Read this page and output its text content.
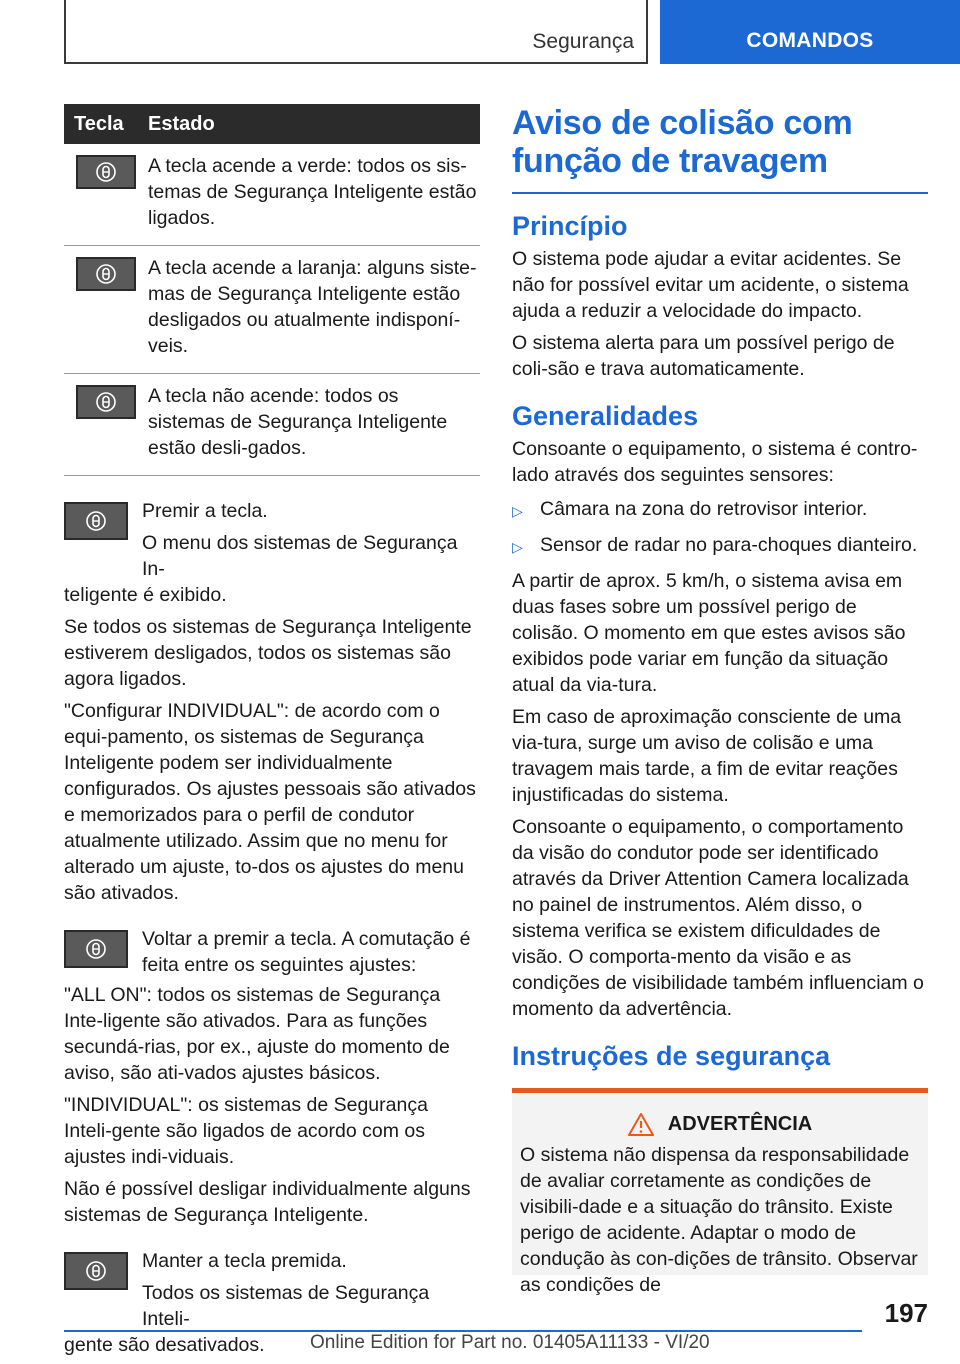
Segurança	COMANDOS
Tecla	Estado
A tecla acende a verde: todos os sis-temas de Segurança Inteligente estão ligados.
A tecla acende a laranja: alguns siste-mas de Segurança Inteligente estão desligados ou atualmente indisponí-veis.
A tecla não acende: todos os sistemas de Segurança Inteligente estão desli-gados.
Premir a tecla.
O menu dos sistemas de Segurança In-

teligente é exibido.

Se todos os sistemas de Segurança Inteligente estiverem desligados, todos os sistemas são agora ligados.

"Configurar INDIVIDUAL": de acordo com o equi-pamento, os sistemas de Segurança Inteligente podem ser individualmente configurados. Os ajustes pessoais são ativados e memorizados para o perfil de condutor atualmente utilizado. Assim que no menu for alterado um ajuste, to-dos os ajustes do menu são ativados.

Voltar a premir a tecla. A comutação é feita entre os seguintes ajustes:

"ALL ON": todos os sistemas de Segurança Inte-ligente são ativados. Para as funções secundá-rias, por ex., ajuste do momento de aviso, são ati-vados ajustes básicos.

"INDIVIDUAL": os sistemas de Segurança Inteli-gente são ligados de acordo com os ajustes indi-viduais.

Não é possível desligar individualmente alguns sistemas de Segurança Inteligente.

Manter a tecla premida.
Todos os sistemas de Segurança Inteli-

gente são desativados.

Aviso de colisão com função de travagem
Princípio

O sistema pode ajudar a evitar acidentes. Se não for possível evitar um acidente, o sistema ajuda a reduzir a velocidade do impacto.

O sistema alerta para um possível perigo de coli-são e trava automaticamente.

Generalidades

Consoante o equipamento, o sistema é contro-lado através dos seguintes sensores:

▷ Câmara na zona do retrovisor interior.
▷ Sensor de radar no para-choques dianteiro.

A partir de aprox. 5 km/h, o sistema avisa em duas fases sobre um possível perigo de colisão. O momento em que estes avisos são exibidos pode variar em função da situação atual da via-tura.

Em caso de aproximação consciente de uma via-tura, surge um aviso de colisão e uma travagem mais tarde, a fim de evitar reações injustificadas do sistema.

Consoante o equipamento, o comportamento da visão do condutor pode ser identificado através da Driver Attention Camera localizada no painel de instrumentos. Além disso, o sistema verifica se existem dificuldades de visão. O comporta-mento da visão e as condições de visibilidade também influenciam o momento da advertência.

Instruções de segurança
ADVERTÊNCIA
O sistema não dispensa da responsabilidade de avaliar corretamente as condições de visibili-dade e a situação do trânsito. Existe perigo de acidente. Adaptar o modo de condução às con-dições de trânsito. Observar as condições de
197
Online Edition for Part no. 01405A11133 - VI/20
